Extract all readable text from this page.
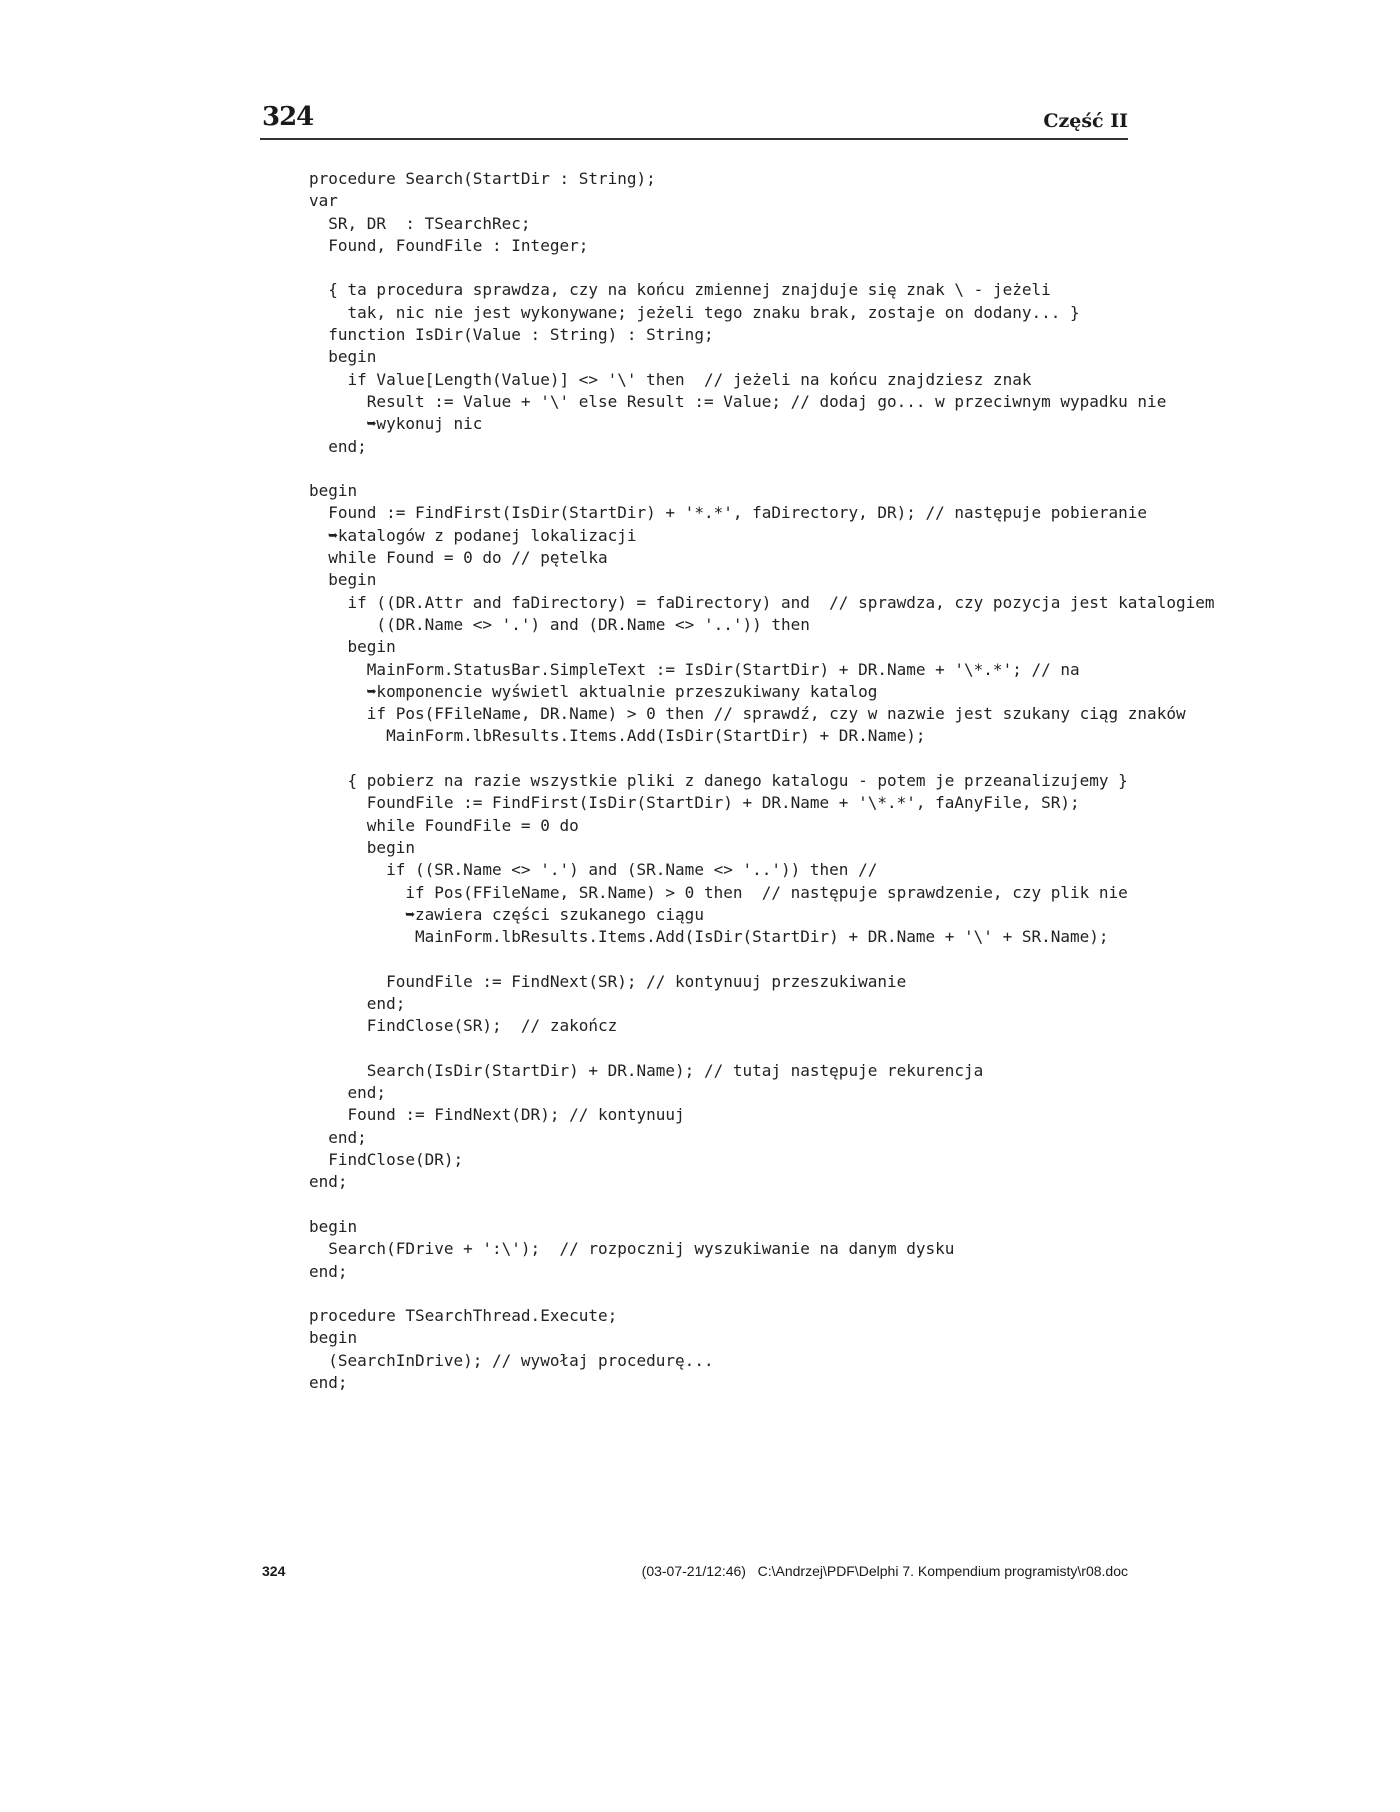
324	Część II
procedure Search(StartDir : String);
var
SR, DR  : TSearchRec;
Found, FoundFile : Integer;
{ ta procedura sprawdza, czy na końcu zmiennej znajduje się znak \ - jeżeli
tak, nic nie jest wykonywane; jeżeli tego znaku brak, zostaje on dodany... }
function IsDir(Value : String) : String;
begin
if Value[Length(Value)] <> '\' then  // jeżeli na końcu znajdziesz znak
Result := Value + '\' else Result := Value; // dodaj go... w przeciwnym wypadku nie
➥wykonuj nic
end;
begin
Found := FindFirst(IsDir(StartDir) + '*.*', faDirectory, DR); // następuje pobieranie
➥katalogów z podanej lokalizacji
while Found = 0 do // pętelka
begin
if ((DR.Attr and faDirectory) = faDirectory) and  // sprawdza, czy pozycja jest katalogiem
((DR.Name <> '.') and (DR.Name <> '..')) then
begin
MainForm.StatusBar.SimpleText := IsDir(StartDir) + DR.Name + '\*.*'; // na
➥komponencie wyświetl aktualnie przeszukiwany katalog
if Pos(FFileName, DR.Name) > 0 then // sprawdź, czy w nazwie jest szukany ciąg znaków
MainForm.lbResults.Items.Add(IsDir(StartDir) + DR.Name);
{ pobierz na razie wszystkie pliki z danego katalogu - potem je przeanalizujemy }
FoundFile := FindFirst(IsDir(StartDir) + DR.Name + '\*.*', faAnyFile, SR);
while FoundFile = 0 do
begin
if ((SR.Name <> '.') and (SR.Name <> '..')) then //
if Pos(FFileName, SR.Name) > 0 then  // następuje sprawdzenie, czy plik nie
➥zawiera części szukanego ciągu
MainForm.lbResults.Items.Add(IsDir(StartDir) + DR.Name + '\' + SR.Name);
FoundFile := FindNext(SR); // kontynuuj przeszukiwanie
end;
FindClose(SR);  // zakończ
Search(IsDir(StartDir) + DR.Name); // tutaj następuje rekurencja
end;
Found := FindNext(DR); // kontynuuj
end;
FindClose(DR);
end;
begin
Search(FDrive + ':\');  // rozpocznij wyszukiwanie na danym dysku
end;
procedure TSearchThread.Execute;
begin
(SearchInDrive); // wywołaj procedurę...
end;
324	(03-07-21/12:46)   C:\Andrzej\PDF\Delphi 7. Kompendium programisty\r08.doc
